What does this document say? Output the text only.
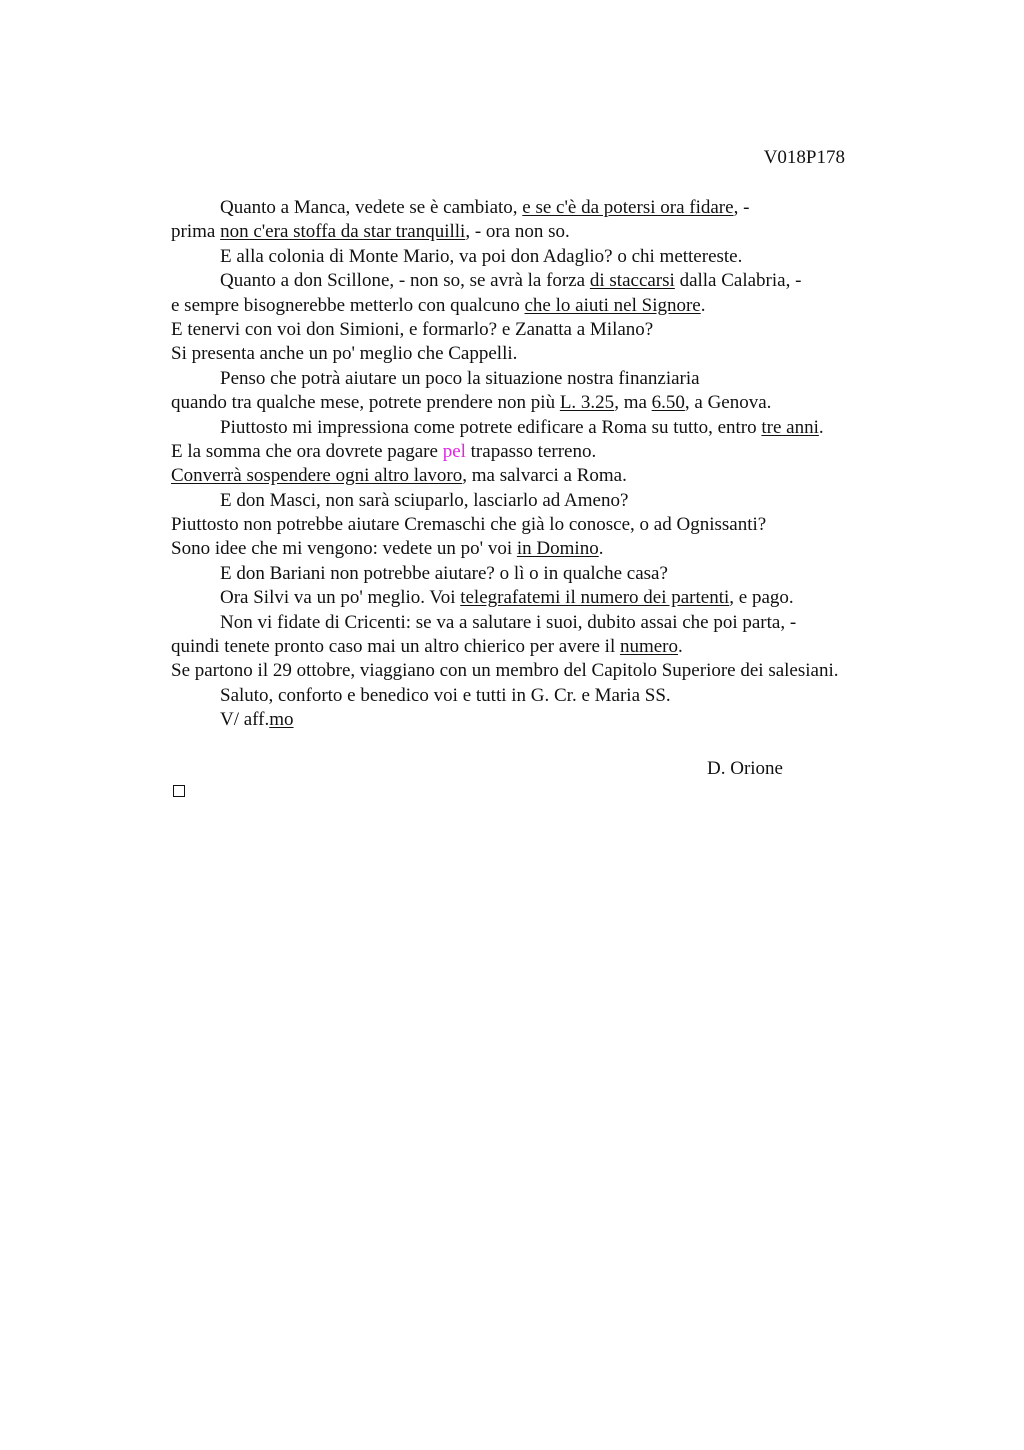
V018P178
Quanto a Manca, vedete se è cambiato, e se c'è da potersi ora fidare, -
prima non c'era stoffa da star tranquilli, - ora non so.
E alla colonia di Monte Mario, va poi don Adaglio? o chi mettereste.
Quanto a don Scillone, - non so, se avrà la forza di staccarsi dalla Calabria, -
e sempre bisognerebbe metterlo con qualcuno che lo aiuti nel Signore.
E tenervi con voi don Simioni, e formarlo? e Zanatta a Milano?
Si presenta anche un po' meglio che Cappelli.
Penso che potrà aiutare un poco la situazione nostra finanziaria
quando tra qualche mese, potrete prendere non più L. 3.25, ma 6.50, a Genova.
Piuttosto mi impressiona come potrete edificare a Roma su tutto, entro tre anni.
E la somma che ora dovrete pagare pel trapasso terreno.
Converrà sospendere ogni altro lavoro, ma salvarci a Roma.
E don Masci, non sarà sciuparlo, lasciarlo ad Ameno?
Piuttosto non potrebbe aiutare Cremaschi che già lo conosce, o ad Ognissanti?
Sono idee che mi vengono: vedete un po' voi in Domino.
E don Bariani non potrebbe aiutare? o lì o in qualche casa?
Ora Silvi va un po' meglio. Voi telegrafatemi il numero dei partenti, e pago.
Non vi fidate di Cricenti: se va a salutare i suoi, dubito assai che poi parta, -
quindi tenete pronto caso mai un altro chierico per avere il numero.
Se partono il 29 ottobre, viaggiano con un membro del Capitolo Superiore dei salesiani.
Saluto, conforto e benedico voi e tutti in G. Cr. e Maria SS.
V/ aff.mo
D. Orione
